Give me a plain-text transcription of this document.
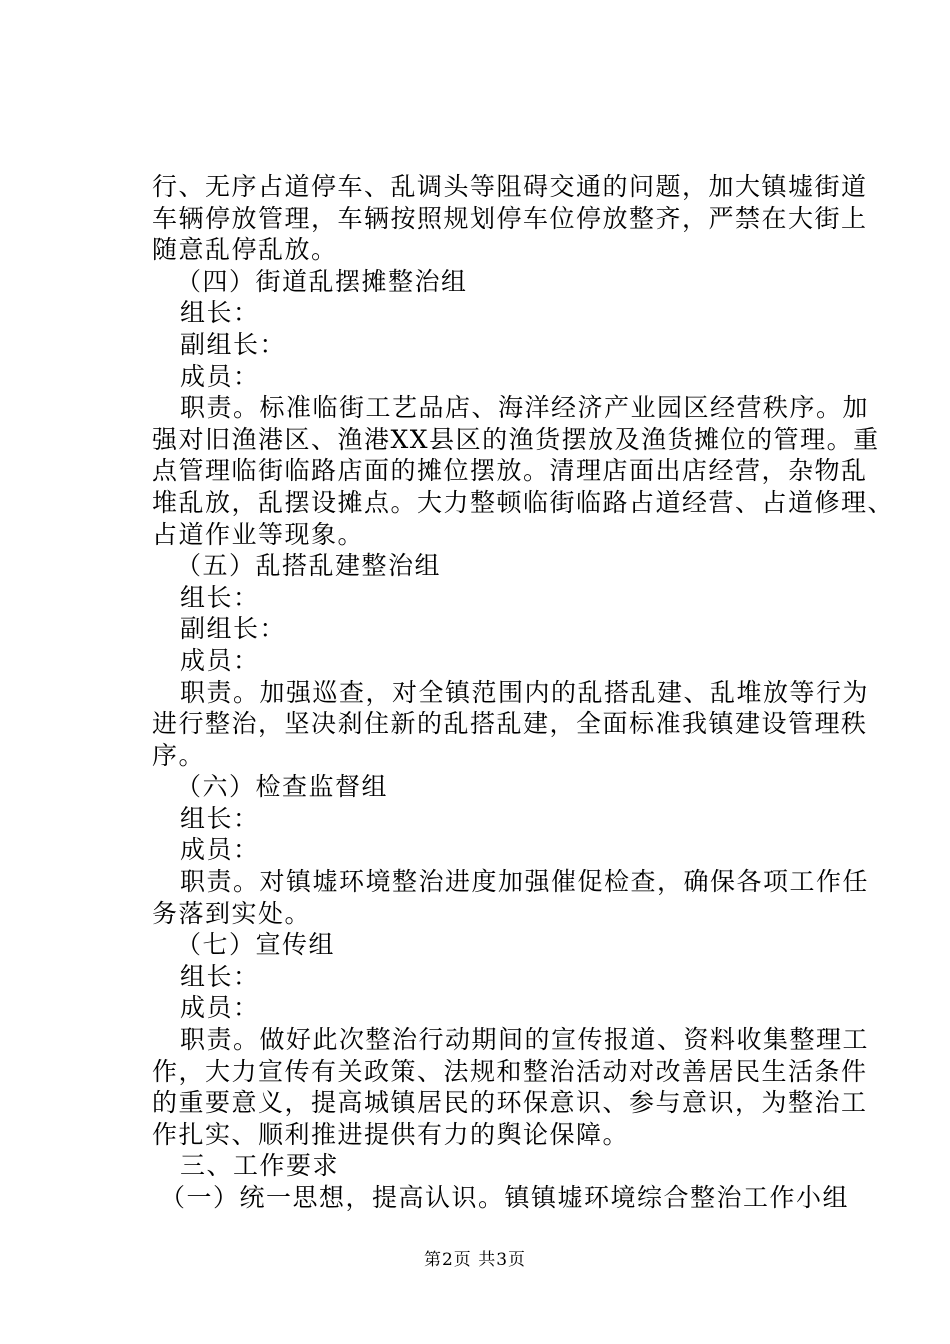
行、无序占道停车、乱调头等阻碍交通的问题，加大镇墟街道
车辆停放管理，车辆按照规划停车位停放整齐，严禁在大街上
随意乱停乱放。
（四）街道乱摆摊整治组
组长：
副组长：
成员：
职责。标准临街工艺品店、海洋经济产业园区经营秩序。加
强对旧渔港区、渔港XX县区的渔货摆放及渔货摊位的管理。重
点管理临街临路店面的摊位摆放。清理店面出店经营，杂物乱
堆乱放，乱摆设摊点。大力整顿临街临路占道经营、占道修理、
占道作业等现象。
（五）乱搭乱建整治组
组长：
副组长：
成员：
职责。加强巡查，对全镇范围内的乱搭乱建、乱堆放等行为
进行整治，坚决刹住新的乱搭乱建，全面标准我镇建设管理秩
序。
（六）检查监督组
组长：
成员：
职责。对镇墟环境整治进度加强催促检查，确保各项工作任
务落到实处。
（七）宣传组
组长：
成员：
职责。做好此次整治行动期间的宣传报道、资料收集整理工
作，大力宣传有关政策、法规和整治活动对改善居民生活条件
的重要意义，提高城镇居民的环保意识、参与意识，为整治工
作扎实、顺利推进提供有力的舆论保障。
三、工作要求
（一）统一思想，提高认识。镇镇墟环境综合整治工作小组
第2页 共3页
